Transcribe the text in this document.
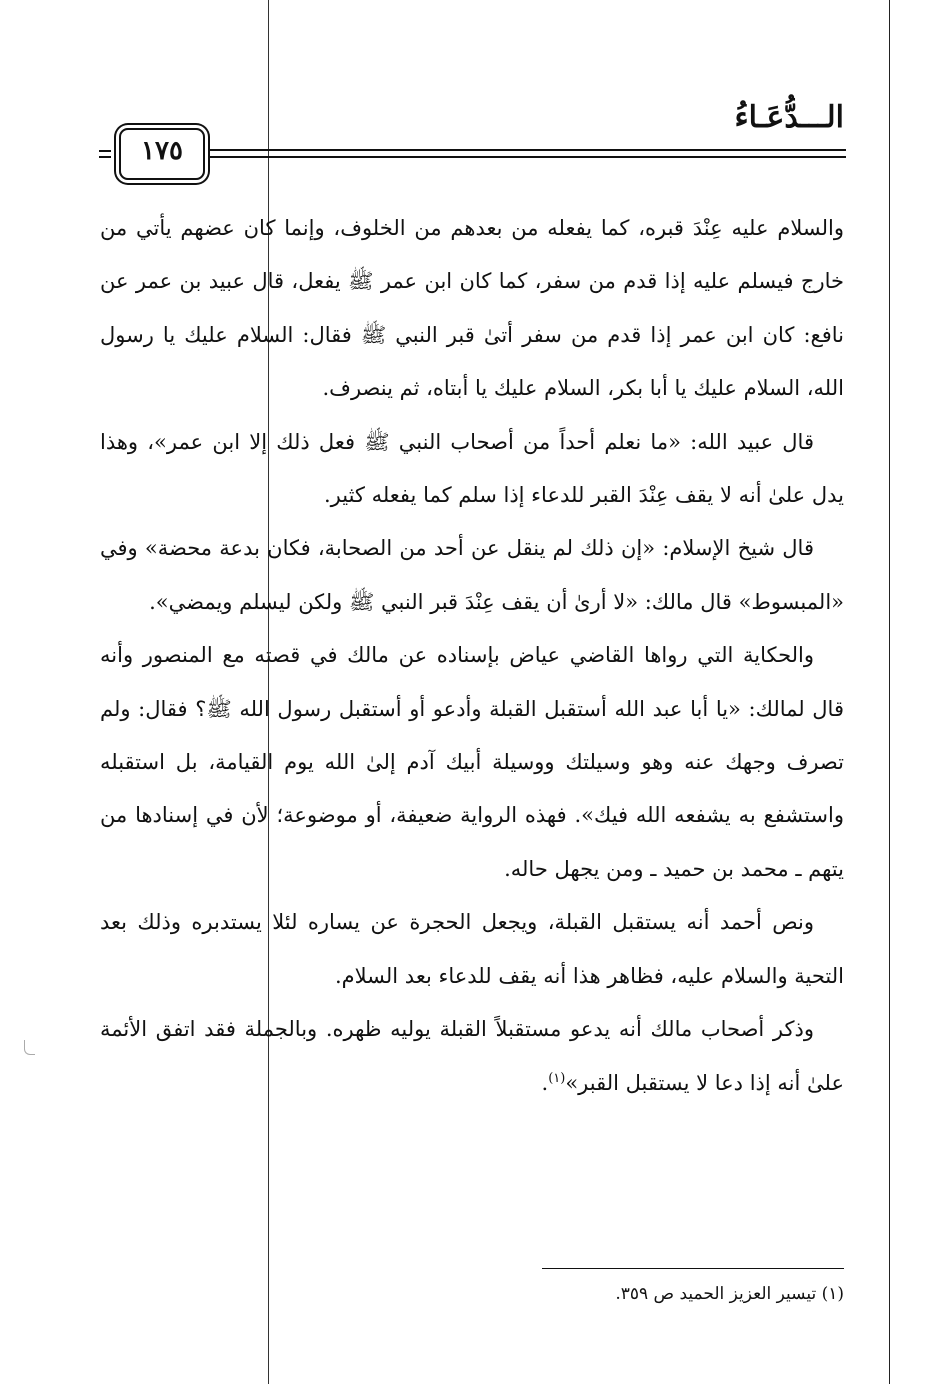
الـــدُّعَـاءُ
١٧٥

والسلام عليه عِنْدَ قبره، كما يفعله من بعدهم من الخلوف، وإنما كان عضهم يأتي من خارج فيسلم عليه إذا قدم من سفر، كما كان ابن عمر ﷺ يفعل، قال عبيد بن عمر عن نافع: كان ابن عمر إذا قدم من سفر أتىٰ قبر النبي ﷺ فقال: السلام عليك يا رسول الله، السلام عليك يا أبا بكر، السلام عليك يا أبتاه، ثم ينصرف.

قال عبيد الله: «ما نعلم أحداً من أصحاب النبي ﷺ فعل ذلك إلا ابن عمر»، وهذا يدل علىٰ أنه لا يقف عِنْدَ القبر للدعاء إذا سلم كما يفعله كثير.

قال شيخ الإسلام: «إن ذلك لم ينقل عن أحد من الصحابة، فكان بدعة محضة» وفي «المبسوط» قال مالك: «لا أرىٰ أن يقف عِنْدَ قبر النبي ﷺ ولكن ليسلم ويمضي».

والحكاية التي رواها القاضي عياض بإسناده عن مالك في قصته مع المنصور وأنه قال لمالك: «يا أبا عبد الله أستقبل القبلة وأدعو أو أستقبل رسول الله ﷺ؟ فقال: ولم تصرف وجهك عنه وهو وسيلتك ووسيلة أبيك آدم إلىٰ الله يوم القيامة، بل استقبله واستشفع به يشفعه الله فيك». فهذه الرواية ضعيفة، أو موضوعة؛ لأن في إسنادها من يتهم ـ محمد بن حميد ـ ومن يجهل حاله.

ونص أحمد أنه يستقبل القبلة، ويجعل الحجرة عن يساره لئلا يستدبره وذلك بعد التحية والسلام عليه، فظاهر هذا أنه يقف للدعاء بعد السلام.

وذكر أصحاب مالك أنه يدعو مستقبلاً القبلة يوليه ظهره. وبالجملة فقد اتفق الأئمة علىٰ أنه إذا دعا لا يستقبل القبر»$^{(١)}$.

(١) تيسير العزيز الحميد ص ٣٥٩.
